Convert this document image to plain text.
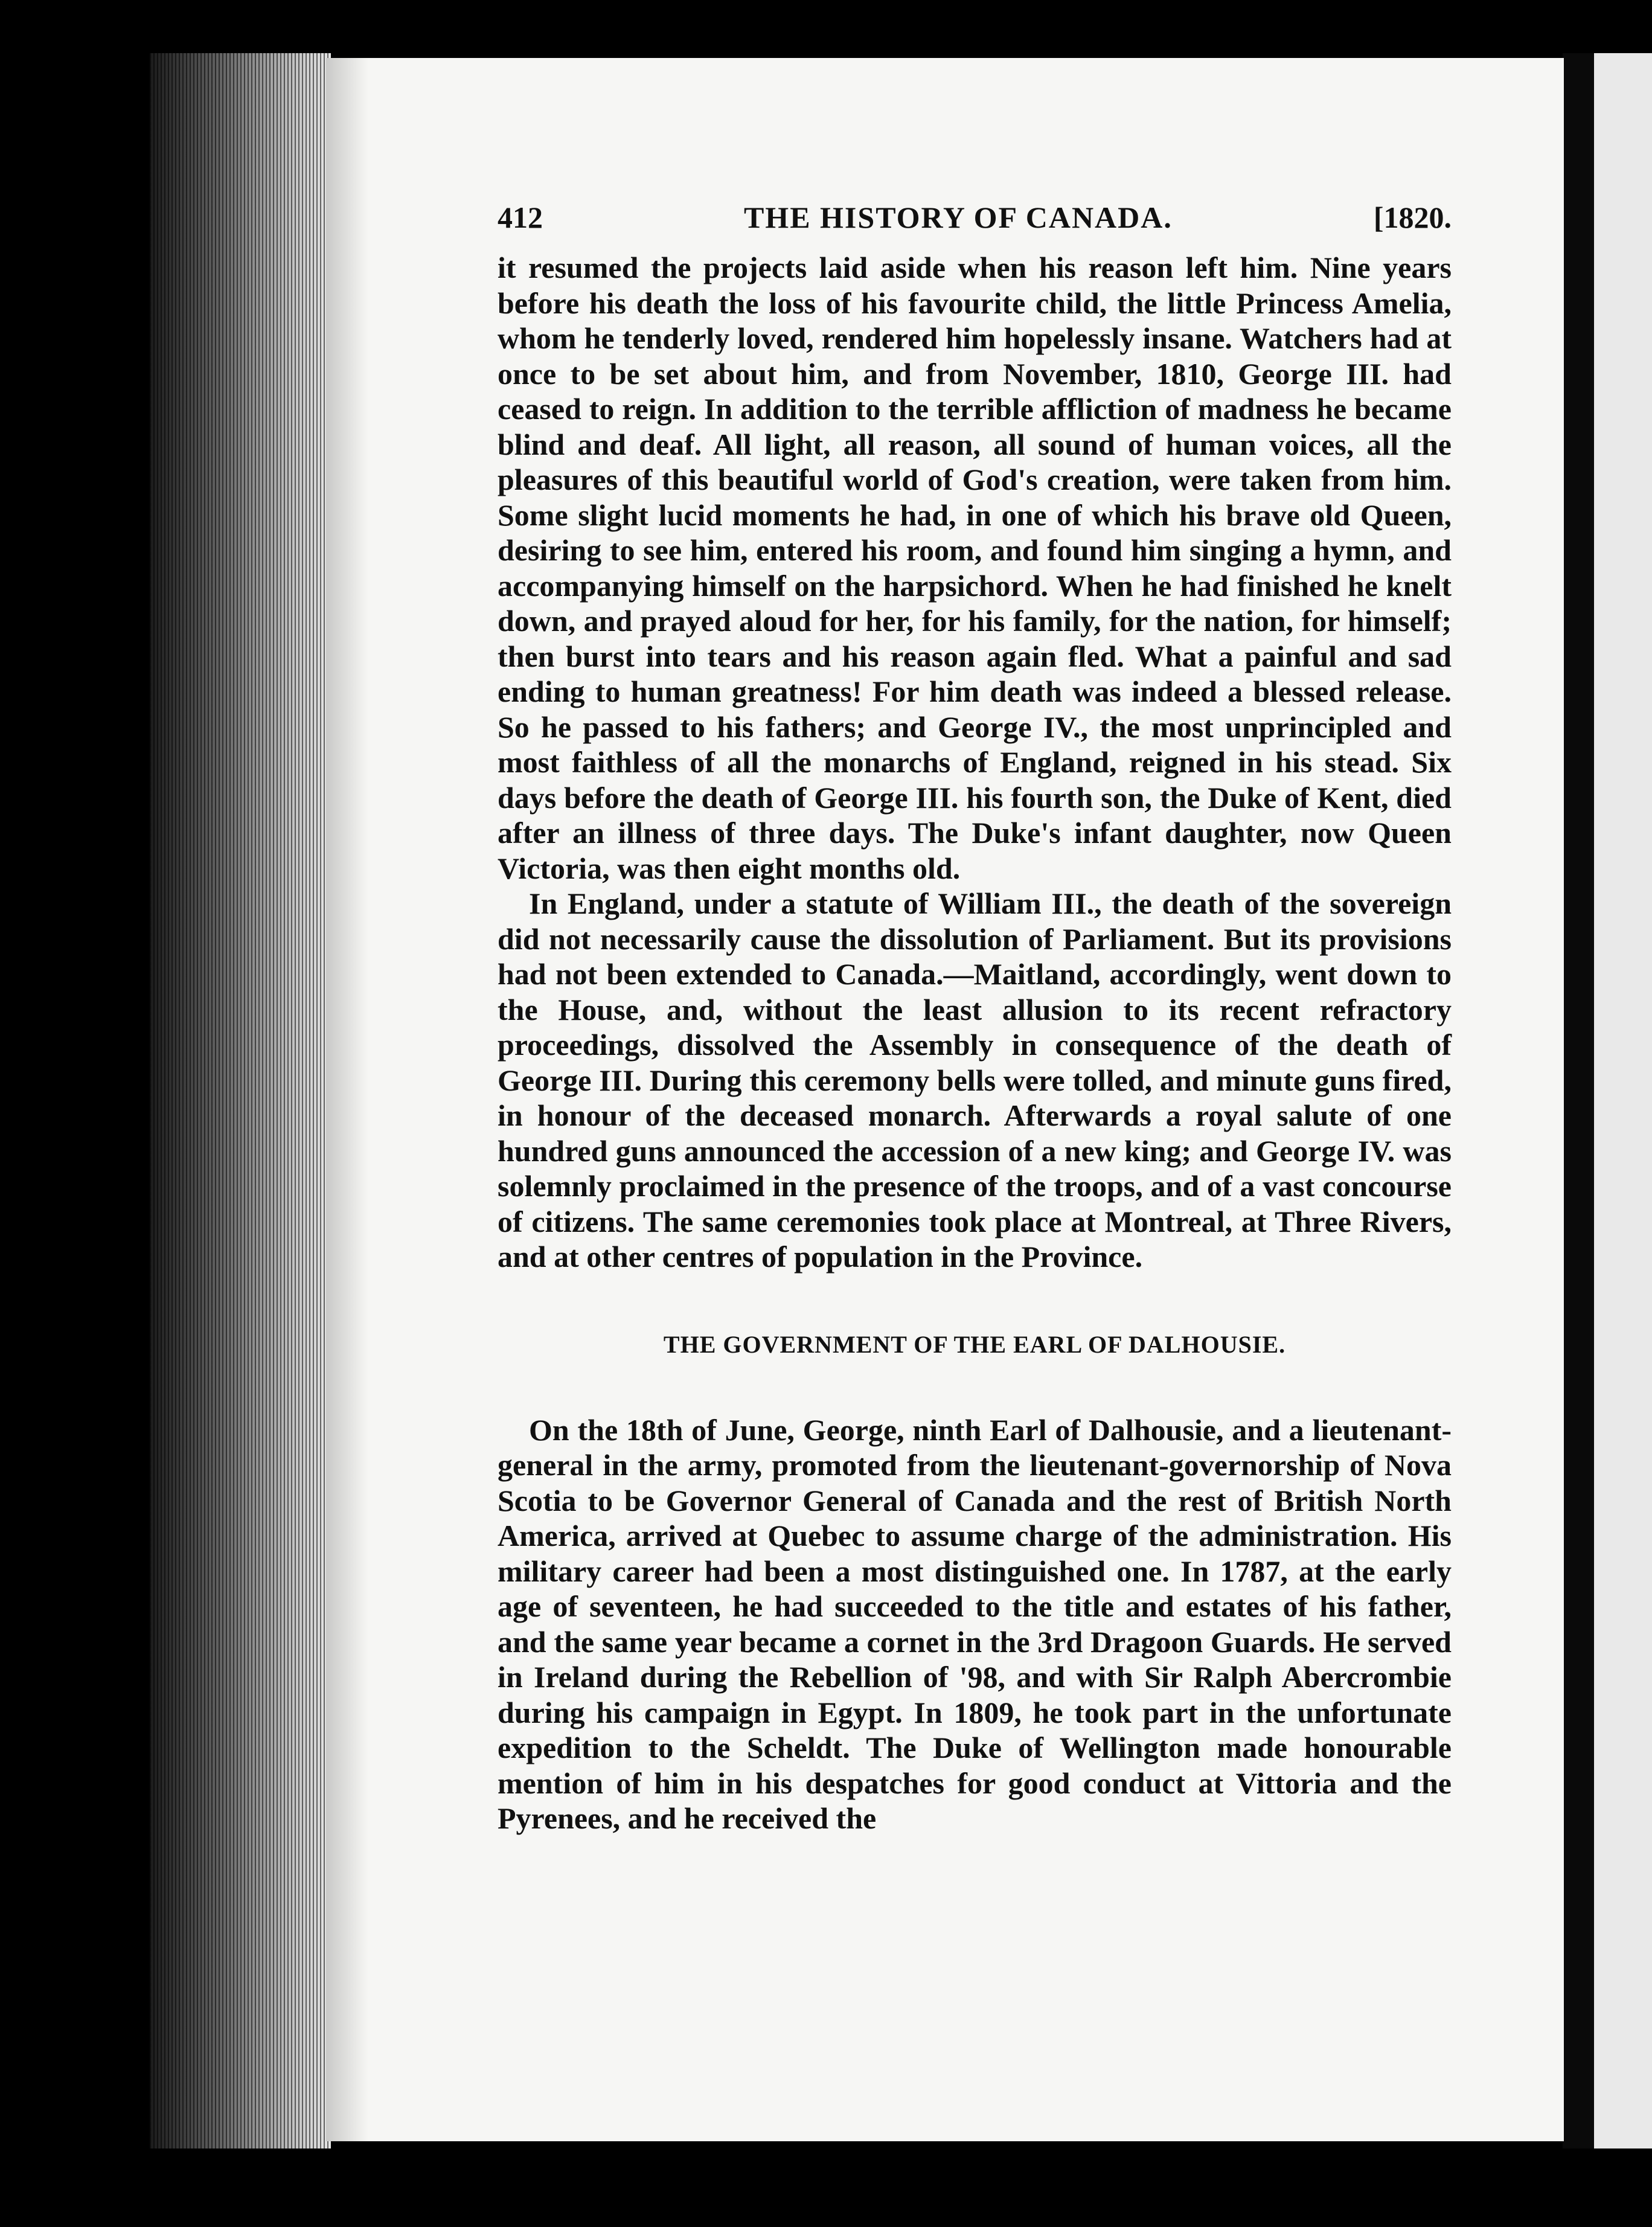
412	THE HISTORY OF CANADA.	[1820.

it resumed the projects laid aside when his reason left him. Nine years before his death the loss of his favourite child, the little Princess Amelia, whom he tenderly loved, rendered him hopelessly insane. Watchers had at once to be set about him, and from November, 1810, George III. had ceased to reign. In addition to the terrible affliction of madness he became blind and deaf. All light, all reason, all sound of human voices, all the pleasures of this beautiful world of God's creation, were taken from him. Some slight lucid moments he had, in one of which his brave old Queen, desiring to see him, entered his room, and found him singing a hymn, and accompanying himself on the harpsichord. When he had finished he knelt down, and prayed aloud for her, for his family, for the nation, for himself; then burst into tears and his reason again fled. What a painful and sad ending to human greatness! For him death was indeed a blessed release. So he passed to his fathers; and George IV., the most unprincipled and most faithless of all the monarchs of England, reigned in his stead. Six days before the death of George III. his fourth son, the Duke of Kent, died after an illness of three days. The Duke's infant daughter, now Queen Victoria, was then eight months old.

In England, under a statute of William III., the death of the sovereign did not necessarily cause the dissolution of Parliament. But its provisions had not been extended to Canada.—Maitland, accordingly, went down to the House, and, without the least allusion to its recent refractory proceedings, dissolved the Assembly in consequence of the death of George III. During this ceremony bells were tolled, and minute guns fired, in honour of the deceased monarch. Afterwards a royal salute of one hundred guns announced the accession of a new king; and George IV. was solemnly proclaimed in the presence of the troops, and of a vast concourse of citizens. The same ceremonies took place at Montreal, at Three Rivers, and at other centres of population in the Province.

THE GOVERNMENT OF THE EARL OF DALHOUSIE.

On the 18th of June, George, ninth Earl of Dalhousie, and a lieutenant-general in the army, promoted from the lieutenant-governorship of Nova Scotia to be Governor General of Canada and the rest of British North America, arrived at Quebec to assume charge of the administration. His military career had been a most distinguished one. In 1787, at the early age of seventeen, he had succeeded to the title and estates of his father, and the same year became a cornet in the 3rd Dragoon Guards. He served in Ireland during the Rebellion of '98, and with Sir Ralph Abercrombie during his campaign in Egypt. In 1809, he took part in the unfortunate expedition to the Scheldt. The Duke of Wellington made honourable mention of him in his despatches for good conduct at Vittoria and the Pyrenees, and he received the
